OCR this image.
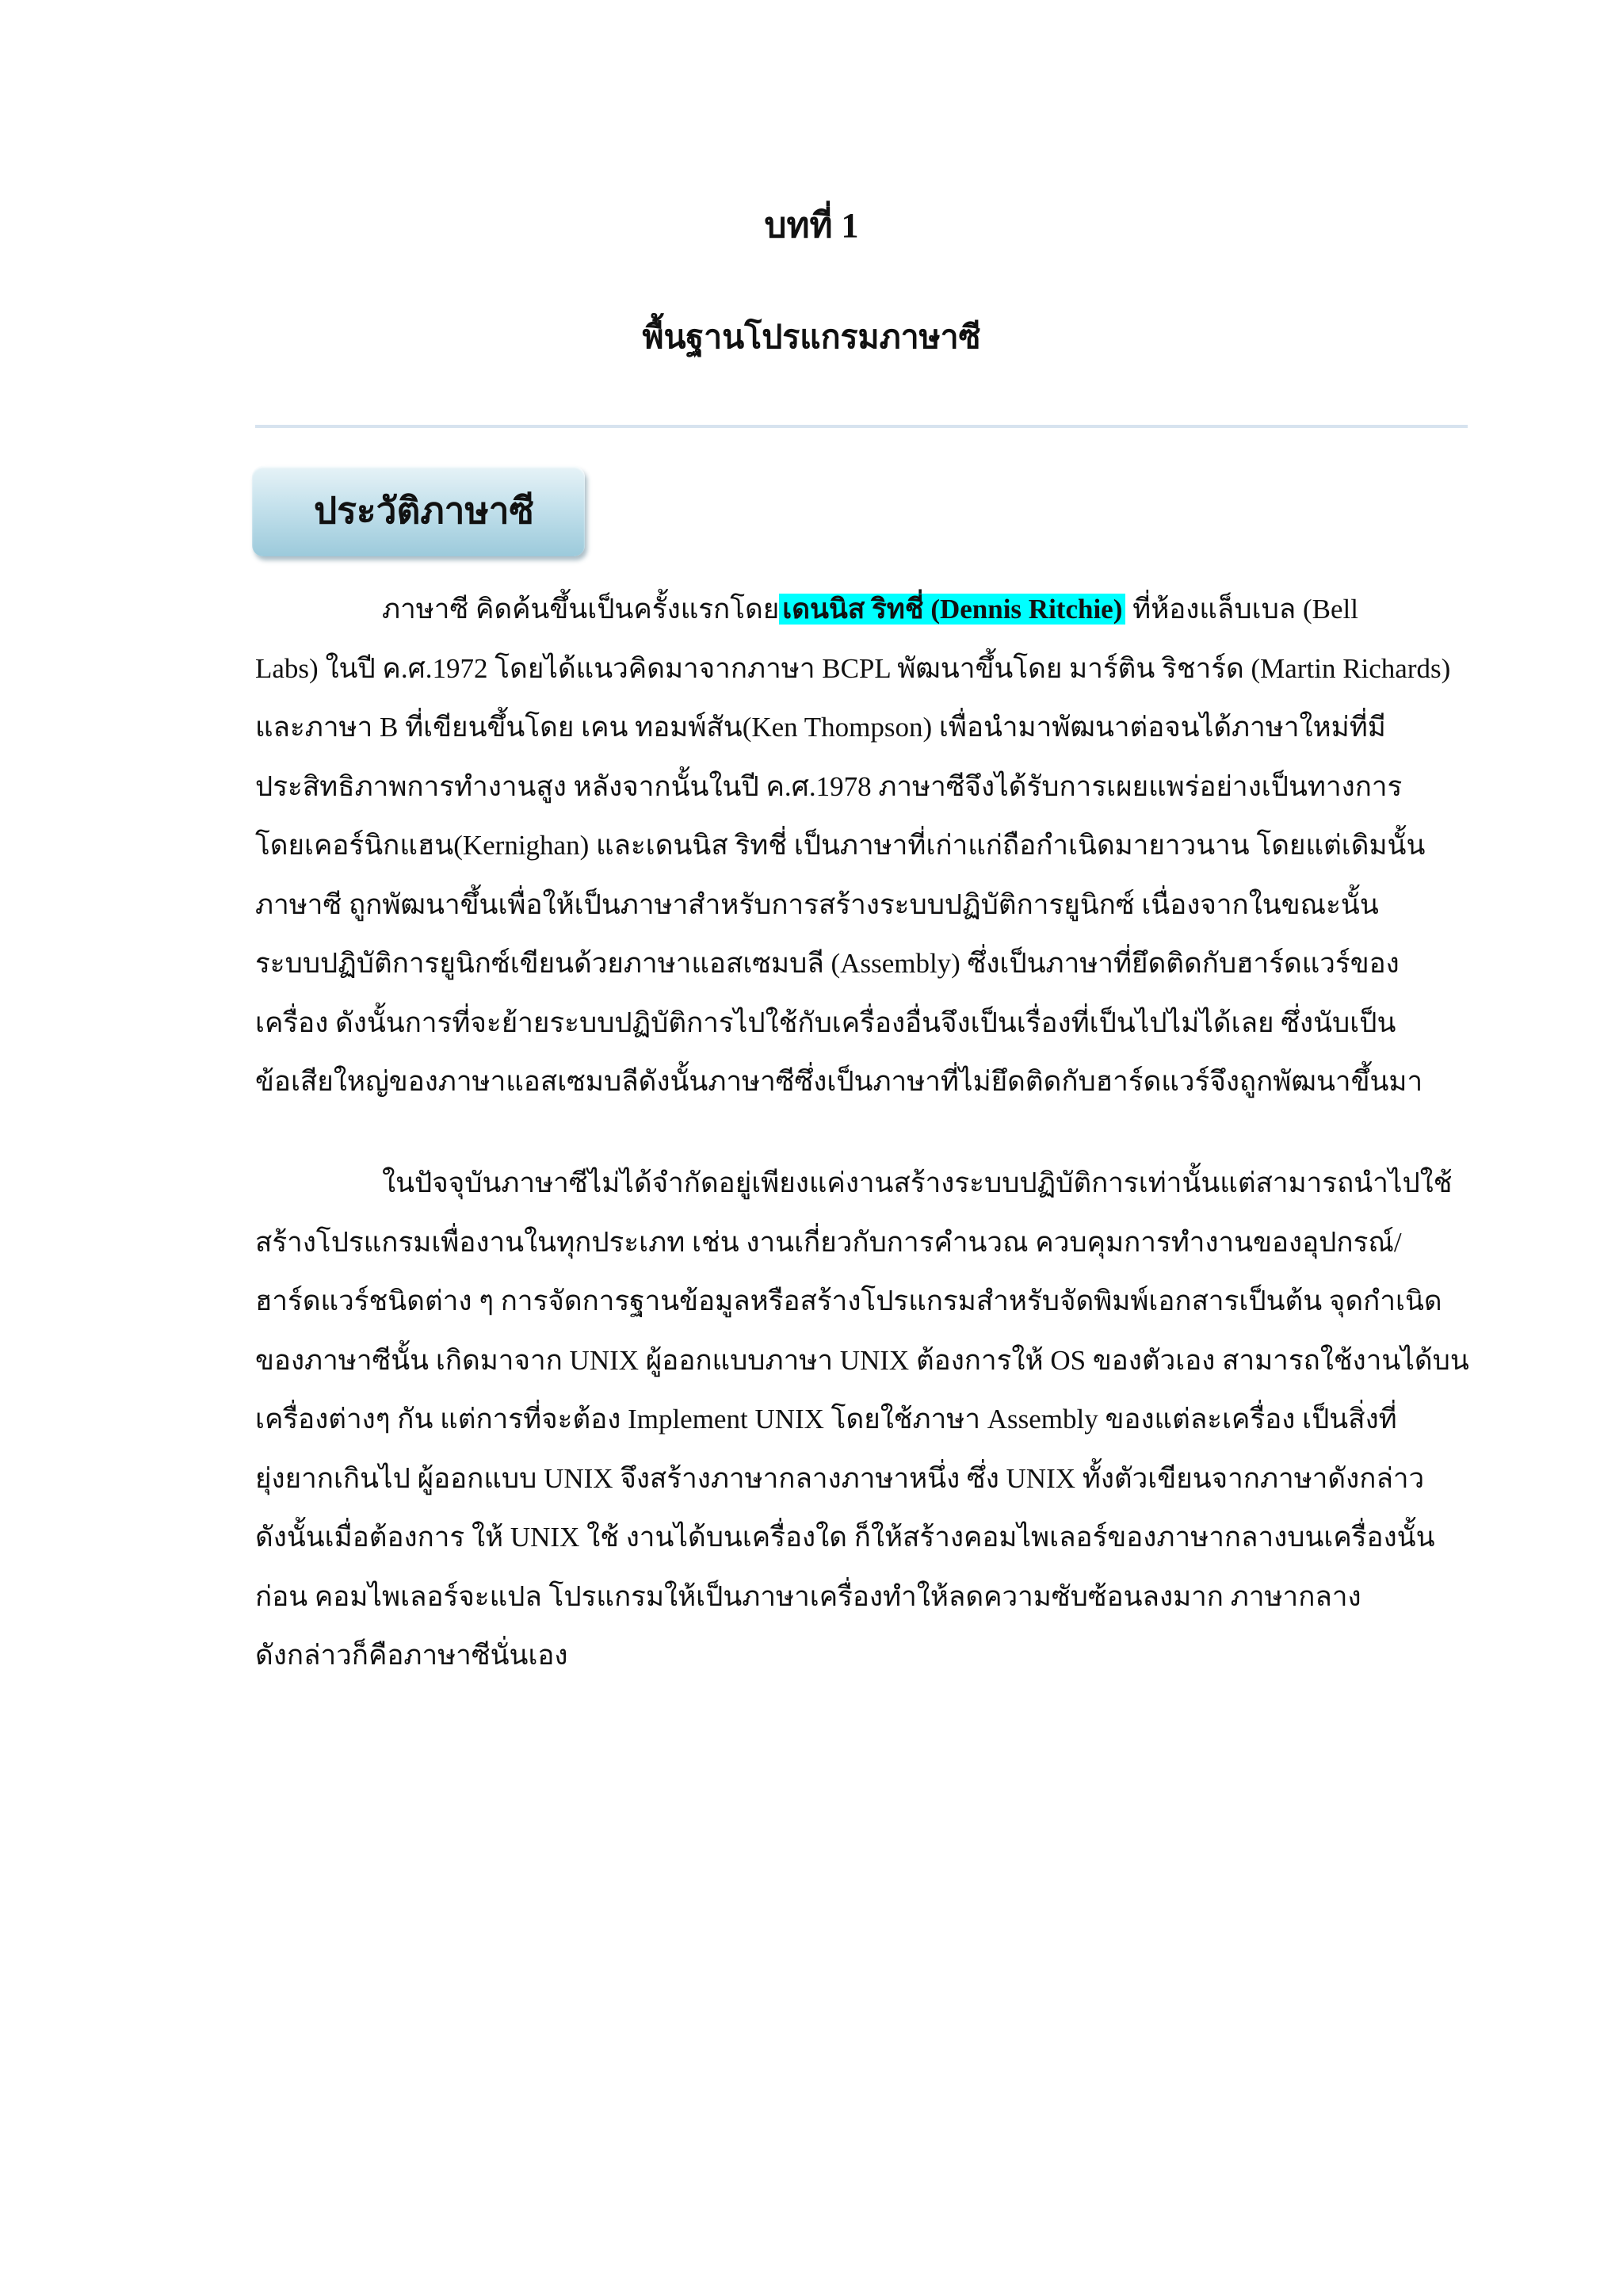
บทที่ 1
พื้นฐานโปรแกรมภาษาซี
ประวัติภาษาซี
ภาษาซี คิดค้นขึ้นเป็นครั้งแรกโดย เดนนิส ริทชี่ (Dennis Ritchie) ที่ห้องแล็บเบล (Bell
Labs) ในปี ค.ศ.1972 โดยได้แนวคิดมาจากภาษา BCPL พัฒนาขึ้นโดย มาร์ติน ริชาร์ด (Martin Richards)
และภาษา B ที่เขียนขึ้นโดย เคน ทอมพ์สัน(Ken Thompson) เพื่อนำมาพัฒนาต่อจนได้ภาษาใหม่ที่มี
ประสิทธิภาพการทำงานสูง หลังจากนั้นในปี ค.ศ.1978 ภาษาซีจึงได้รับการเผยแพร่อย่างเป็นทางการ
โดยเคอร์นิกแฮน(Kernighan) และเดนนิส ริทชี่ เป็นภาษาที่เก่าแก่ถือกำเนิดมายาวนาน โดยแต่เดิมนั้น
ภาษาซี ถูกพัฒนาขึ้นเพื่อให้เป็นภาษาสำหรับการสร้างระบบปฏิบัติการยูนิกซ์ เนื่องจากในขณะนั้น
ระบบปฏิบัติการยูนิกซ์เขียนด้วยภาษาแอสเซมบลี (Assembly) ซึ่งเป็นภาษาที่ยึดติดกับฮาร์ดแวร์ของ
เครื่อง ดังนั้นการที่จะย้ายระบบปฏิบัติการไปใช้กับเครื่องอื่นจึงเป็นเรื่องที่เป็นไปไม่ได้เลย ซึ่งนับเป็น
ข้อเสียใหญ่ของภาษาแอสเซมบลีดังนั้นภาษาซีซึ่งเป็นภาษาที่ไม่ยึดติดกับฮาร์ดแวร์จึงถูกพัฒนาขึ้นมา
ในปัจจุบันภาษาซีไม่ได้จำกัดอยู่เพียงแค่งานสร้างระบบปฏิบัติการเท่านั้นแต่สามารถนำไปใช้
สร้างโปรแกรมเพื่องานในทุกประเภท เช่น งานเกี่ยวกับการคำนวณ ควบคุมการทำงานของอุปกรณ์/
ฮาร์ดแวร์ชนิดต่าง ๆ การจัดการฐานข้อมูลหรือสร้างโปรแกรมสำหรับจัดพิมพ์เอกสารเป็นต้น จุดกำเนิด
ของภาษาซีนั้น เกิดมาจาก UNIX ผู้ออกแบบภาษา UNIX ต้องการให้ OS ของตัวเอง สามารถใช้งานได้บน
เครื่องต่างๆ กัน แต่การที่จะต้อง Implement UNIX โดยใช้ภาษา Assembly ของแต่ละเครื่อง เป็นสิ่งที่
ยุ่งยากเกินไป ผู้ออกแบบ UNIX จึงสร้างภาษากลางภาษาหนึ่ง ซึ่ง UNIX ทั้งตัวเขียนจากภาษาดังกล่าว
ดังนั้นเมื่อต้องการ ให้ UNIX ใช้ งานได้บนเครื่องใด ก็ให้สร้างคอมไพเลอร์ของภาษากลางบนเครื่องนั้น
ก่อน คอมไพเลอร์จะแปล โปรแกรมให้เป็นภาษาเครื่องทำให้ลดความซับซ้อนลงมาก ภาษากลาง
ดังกล่าวก็คือภาษาซีนั่นเอง
